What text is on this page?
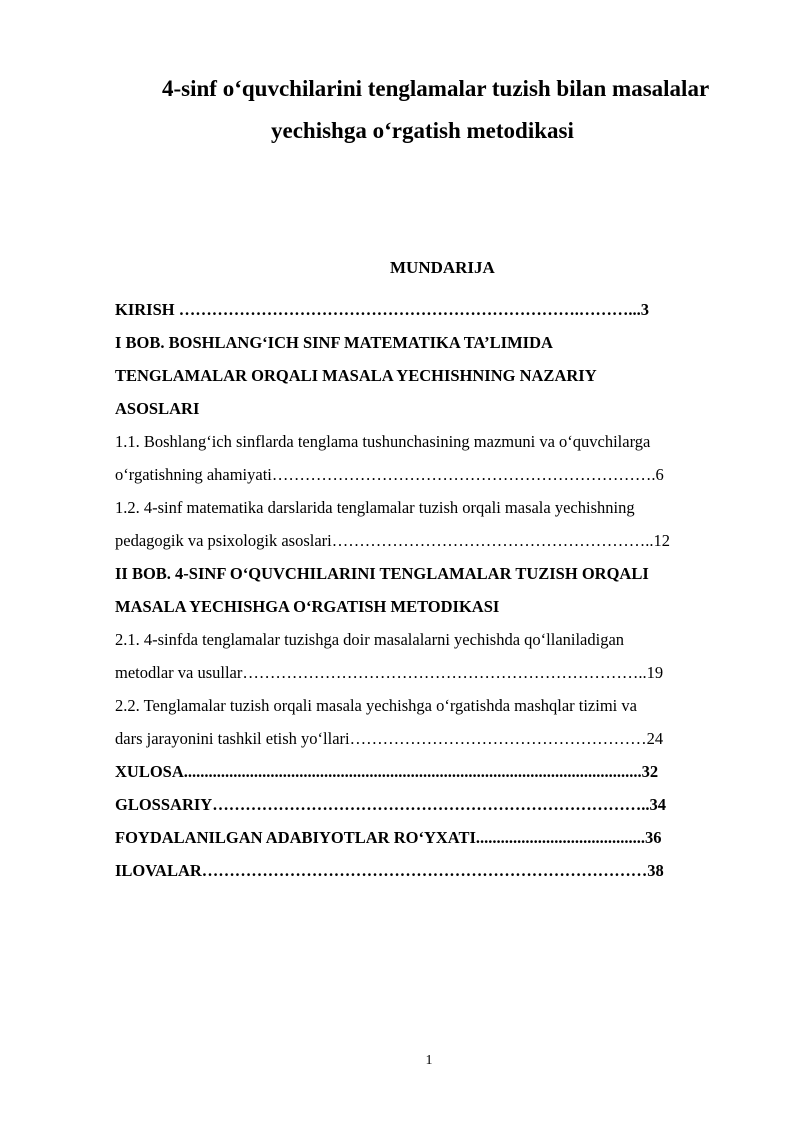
4-sinf o‘quvchilarini tenglamalar tuzish bilan masalalar
yechishga o‘rgatish metodikasi
MUNDARIJA
KIRISH ……………………………………………………………….………...3
I BOB. BOSHLANG‘ICH SINF MATEMATIKA TA’LIMIDA
TENGLAMALAR ORQALI MASALA YECHISHNING NAZARIY
ASOSLARI
1.1. Boshlang‘ich sinflarda tenglama tushunchasining mazmuni va o‘quvchilarga
o‘rgatishning ahamiyati…………………………………………………………….6
1.2. 4-sinf matematika darslarida tenglamalar tuzish orqali masala yechishning
pedagogik va psixologik asoslari…………………………………………………..12
II BOB. 4-SINF O‘QUVCHILARINI TENGLAMALAR TUZISH ORQALI
MASALA YECHISHGA O‘RGATISH METODIKASI
2.1. 4-sinfda tenglamalar tuzishga doir masalalarni yechishda qo‘llaniladigan
metodlar va usullar………………………………………………………………..19
2.2. Tenglamalar tuzish orqali masala yechishga o‘rgatishda mashqlar tizimi va
dars jarayonini tashkil etish yo‘llari………………………………………………24
XULOSA...............................................................................................................32
GLOSSARIY……………………………………………………………………..34
FOYDALANILGAN ADABIYOTLAR RO‘YXATI.........................................36
ILOVALAR………………………………………………………………………38
1
